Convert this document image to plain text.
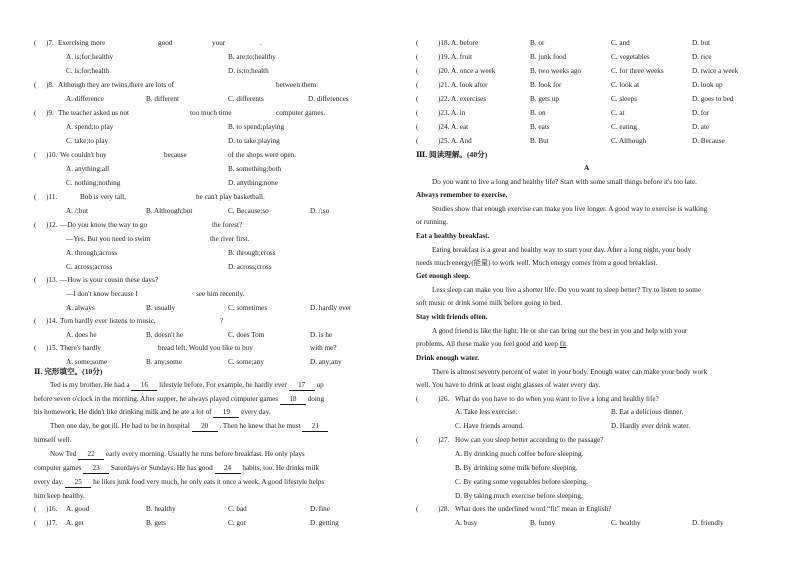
( )7. Exercising more	good	your	.
A. is;for;healthy	B. are;to;healthy
C. is;for;health	D. is;to;health
( )8. Although they are twins,there are lots of	between them.
A. difference	B. different	C. differents	D. differences
( )9. The teacher asked us not	too much time	computer games.
A. spend;to play	B. to spend;playing
C. take;to play	D. to take;playing
( )10. We couldn't buy	because	of the shops were open.
A. anything;all	B. something;both
C. nothing;nothing	D. anything;none
( )11.	Bob is very tall,	he can't play basketball.
A. /;but	B. Although;but	C. Because;so	D. /;so
( )12. —Do you know the way to go	the forest?
—Yes. But you need to swim	the river first.
A. through;across	B. through;cross
C. across;across	D. across;cross
( )13. —How is your cousin these days?
—I don't know because I	see him recently.
A. always	B. usually	C. sometimes	D. hardly ever
( )14. Tom hardly ever listens to music,	?
A. does he	B. doesn't he	C. does Tom	D. is he
( )15. There's hardly	bread left. Would you like to buy	with me?
A. some;some	B. any;some	C. some;any	D. any;any
Ⅱ. 完形填空。(10分)
Ted is my brother. He had a 16 lifestyle before. For example, he hardly ever 17 up
before seven o'clock in the morning. After supper, he always played computer games 18 doing
his homework. He didn't like drinking milk and he ate a lot of 19 every day.
Then one day, he got ill. He had to be in hospital 20 . Then he knew that he must 21
himself well.
Now Ted 22 early every morning. Usually he runs before breakfast. He only plays
computer games 23 Saturdays or Sundays. He has good 24 habits, too. He drinks milk
every day. 25 he likes junk food very much, he only eats it once a week. A good lifestyle helps
him keep healthy.
( )16. A. good	B. healthy	C. bad	D. fine
( )17. A. get	B. gets	C. got	D. getting
(	)18. A. before	B. or	C. and	D. but
(	)19. A. fruit	B. junk food	C. vegetables	D. rice
(	)20. A. once a week	B. two weeks ago	C. for three weeks	D. twice a week
(	)21. A. look after	B. look for	C. look at	D. look up
(	)22. A. exercises	B. gets up	C. sleeps	D. goes to bed
(	)23. A. in	B. on	C. at	D. for
(	)24. A. eat	B. eats	C. eating	D. ate
(	)25. A. And	B. But	C. Although	D. Because
Ⅲ. 阅读理解。(40分)
A
Do you want to live a long and healthy life? Start with some small things before it's too late.
Always remember to exercise.
Studies show that enough exercise can make you live longer. A good way to exercise is walking
or running.
Eat a healthy breakfast.
Eating breakfast is a great and healthy way to start your day. After a long night, your body
needs much energy(能量) to work well. Much energy comes from a good breakfast.
Get enough sleep.
Less sleep can make you live a shorter life. Do you want to sleep better? Try to listen to some
soft music or drink some milk before going to bed.
Stay with friends often.
A good friend is like the light. He or she can bring out the best in you and help with your
problems. All these make you feel good and keep fit.
Drink enough water.
There is almost seventy percent of water in your body. Enough water can make your body work
well. You have to drink at least eight glasses of water every day.
(	)26. What do you have to do when you want to live a long and healthy life?
A. Take less exercise.	B. Eat a delicious dinner.
C. Have friends around.	D. Hardly ever drink water.
(	)27. How can you sleep better according to the passage?
A. By drinking much coffee before sleeping.
B. By drinking some milk before sleeping.
C. By eating some vegetables before sleeping.
D. By taking much exercise before sleeping.
(	)28. What does the underlined word “fit” mean in English?
A. busy	B. funny	C. healthy	D. friendly
